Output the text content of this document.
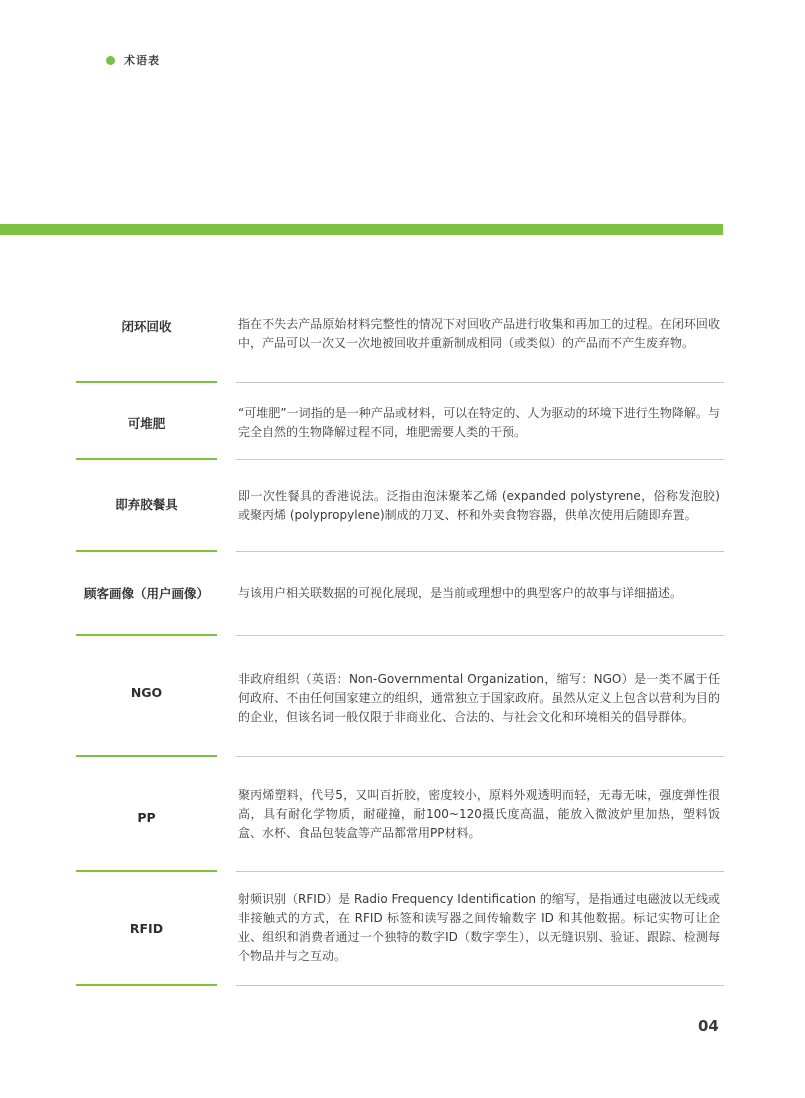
术语表
闭环回收	指在不失去产品原始材料完整性的情况下对回收产品进行收集和再加工的过程。在闭环回收中，产品可以一次又一次地被回收并重新制成相同（或类似）的产品而不产生废弃物。
可堆肥
“可堆肥”一词指的是一种产品或材料，可以在特定的、人为驱动的环境下进行生物降解。与完全自然的生物降解过程不同，堆肥需要人类的干预。
即弃胶餐具
即一次性餐具的香港说法。泛指由泡沫聚苯乙烯 (expanded polystyrene，俗称发泡胶)或聚丙烯 (polypropylene)制成的刀叉、杯和外卖食物容器，供单次使用后随即弃置。
顾客画像（用户画像）	与该用户相关联数据的可视化展现，是当前或理想中的典型客户的故事与详细描述。
NGO
非政府组织（英语：Non-Governmental Organization，缩写：NGO）是一类不属于任何政府、不由任何国家建立的组织，通常独立于国家政府。虽然从定义上包含以营利为目的的企业，但该名词一般仅限于非商业化、合法的、与社会文化和环境相关的倡导群体。
PP
聚丙烯塑料，代号5，又叫百折胶，密度较小，原料外观透明而轻，无毒无味，强度弹性很高，具有耐化学物质，耐碰撞，耐100~120摄氏度高温，能放入微波炉里加热，塑料饭盒、水杯、食品包装盒等产品都常用PP材料。
RFID
射频识别（RFID）是 Radio Frequency Identification 的缩写，是指通过电磁波以无线或非接触式的方式，在 RFID 标签和读写器之间传输数字 ID 和其他数据。标记实物可让企业、组织和消费者通过一个独特的数字ID（数字孪生），以无缝识别、验证、跟踪、检测每个物品并与之互动。
04
